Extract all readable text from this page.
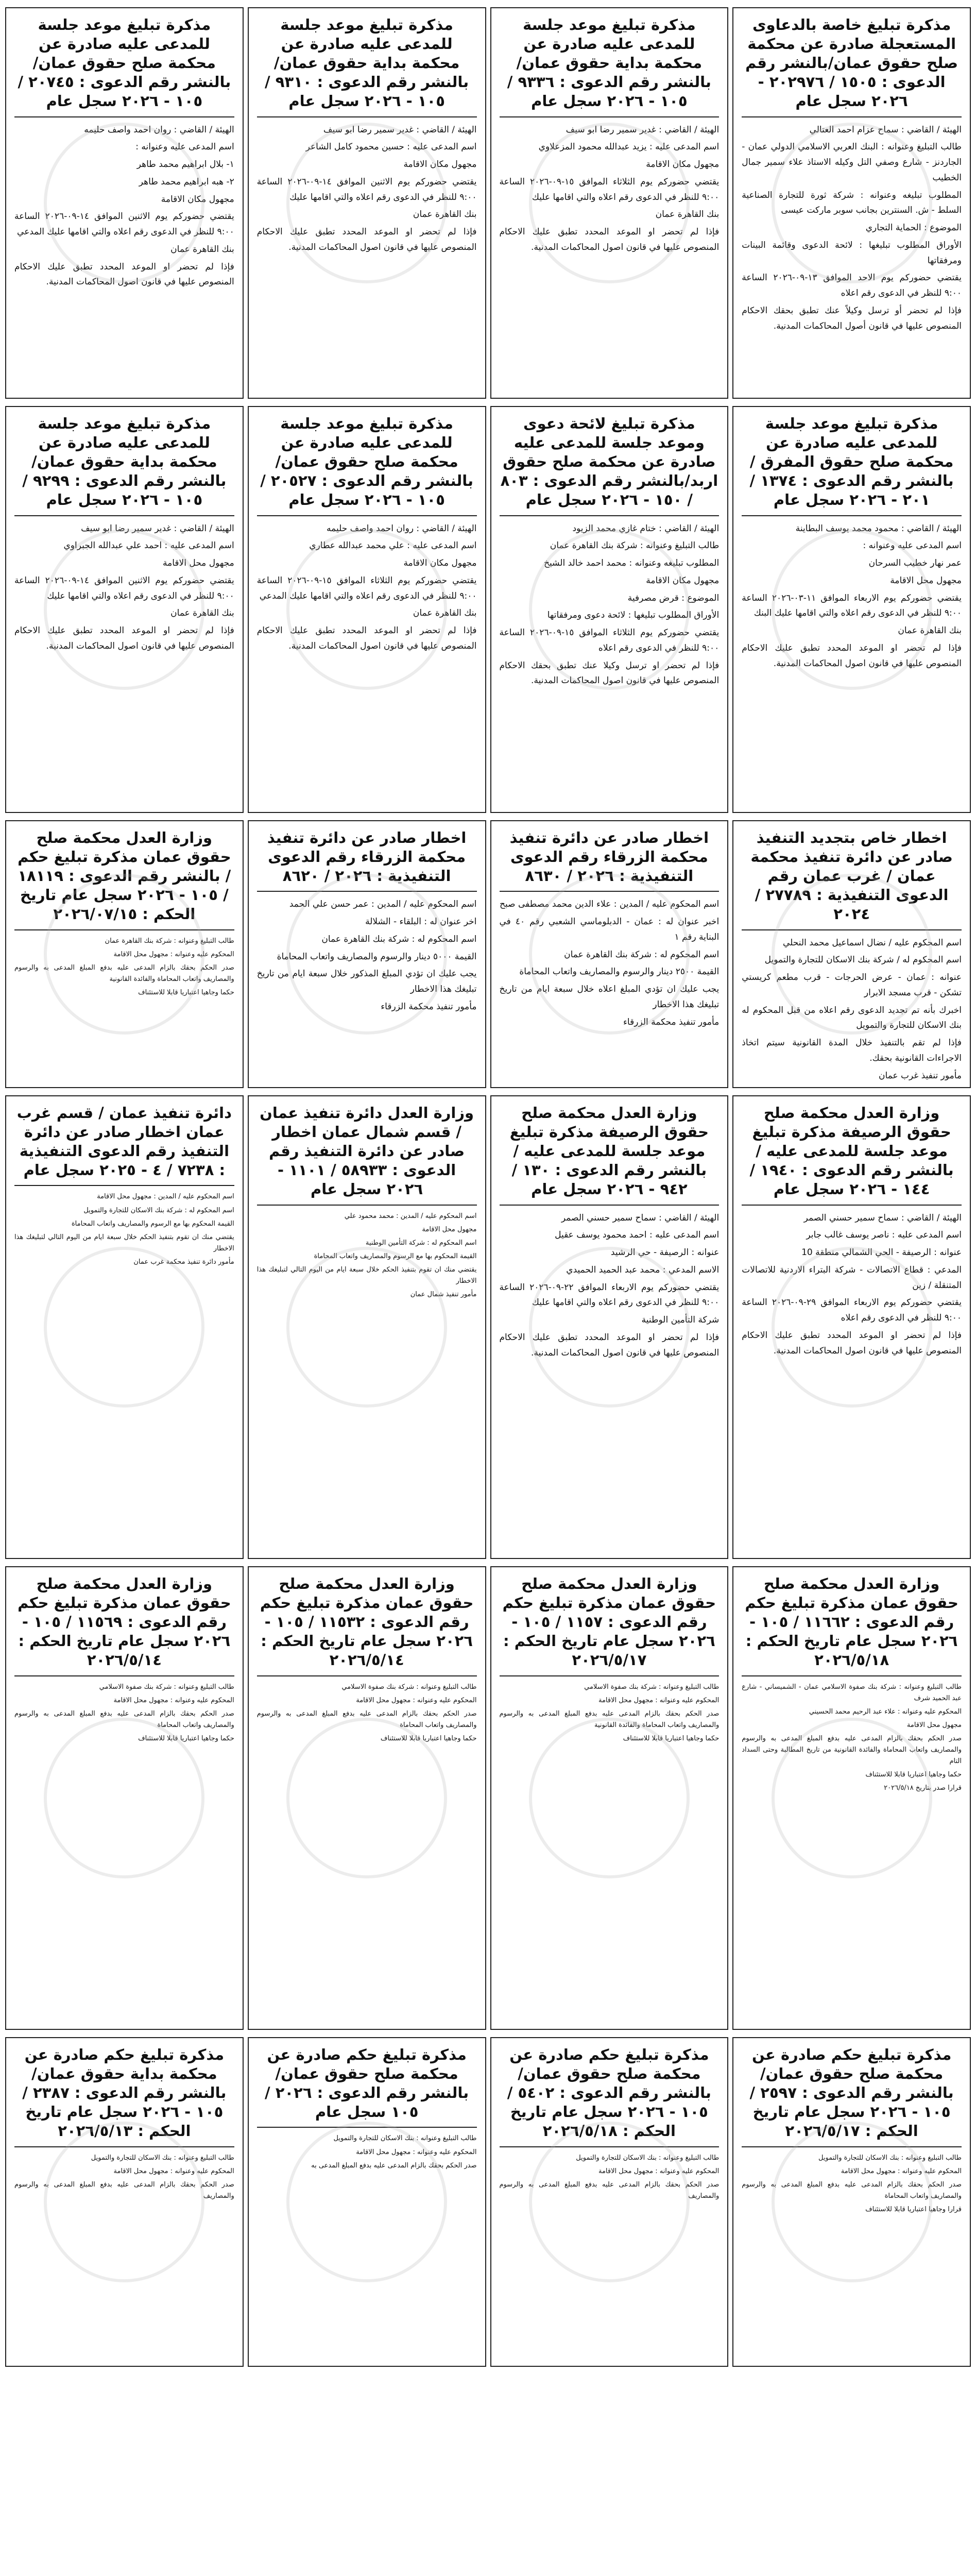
مذكرة تبليغ خاصة بالدعاوى المستعجلة صادرة عن محكمة صلح حقوق عمان/بالنشر رقم الدعوى : ١٥٠٥ / ٢٠٢٩٧٦ - ٢٠٢٦ سجل عام

الهيئة / القاضي : سماح عزام احمد العتالي

طالب التبليغ وعنوانه : البنك العربي الاسلامي الدولي عمان - الجاردنز - شارع وصفي التل وكيله الاستاذ علاء سمير جمال الخطيب

المطلوب تبليغه وعنوانه : شركة ثورة للتجارة الصناعية السلط - ش. السنترين بجانب سوبر ماركت عيسى

الموضوع : الحماية التجاري

الأوراق المطلوب تبليغها : لائحة الدعوى وقائمة البينات ومرفقاتها

يقتضي حضوركم يوم الاحد الموافق ١٣-٠٩-٢٠٢٦ الساعة ٩:٠٠ للنظر في الدعوى رقم اعلاه

فإذا لم تحضر أو ترسل وكيلاً عنك تطبق بحقك الاحكام المنصوص عليها في قانون أصول المحاكمات المدنية.

مذكرة تبليغ موعد جلسة للمدعى عليه صادرة عن محكمة صلح حقوق المفرق / بالنشر رقم الدعوى : ١٣٧٤ / ٢٠١ - ٢٠٢٦ سجل عام

الهيئة / القاضي : محمود محمد يوسف البطاينة

اسم المدعى عليه وعنوانه :

عمر نهار خطيب السرحان

مجهول محل الاقامة

يقتضي حضوركم يوم الاربعاء الموافق ١١-٠٣-٢٠٢٦ الساعة ٩:٠٠ للنظر في الدعوى رقم اعلاه والتي اقامها عليك البنك

بنك القاهرة عمان

فإذا لم تحضر او الموعد المحدد تطبق عليك الاحكام المنصوص عليها في قانون اصول المحاكمات المدنية.

اخطار خاص بتجديد التنفيذ صادر عن دائرة تنفيذ محكمة عمان / غرب عمان رقم الدعوى التنفيذية : ٢٧٧٨٩ / ٢٠٢٤

اسم المحكوم عليه / نضال اسماعيل محمد النحلي

اسم المحكوم له / شركة بنك الاسكان للتجارة والتمويل

عنوانه : عمان - عرض الحرجات - قرب مطعم كريستي تشكن - قرب مسجد الابرار

اخبرك بأنه تم تجديد الدعوى رقم اعلاه من قبل المحكوم له بنك الاسكان للتجارة والتمويل

فإذا لم تقم بالتنفيذ خلال المدة القانونية سيتم اتخاذ الاجراءات القانونية بحقك.

مأمور تنفيذ غرب عمان

وزارة العدل محكمة صلح حقوق الرصيفة مذكرة تبليغ موعد جلسة للمدعى عليه / بالنشر رقم الدعوى : ١٩٤٠ / ١٤٤ - ٢٠٢٦ سجل عام

الهيئة / القاضي : سماح سمير حسني الصمر

اسم المدعى عليه : ناصر يوسف غالب جابر

عنوانه : الرصيفة - الحي الشمالي منطقة 10

المدعي : قطاع الاتصالات - شركة البتراء الاردنية للاتصالات المتنقلة / زين

يقتضي حضوركم يوم الاربعاء الموافق ٢٩-٠٩-٢٠٢٦ الساعة ٩:٠٠ للنظر في الدعوى رقم اعلاه

فإذا لم تحضر او الموعد المحدد تطبق عليك الاحكام المنصوص عليها في قانون اصول المحاكمات المدنية.

وزارة العدل محكمة صلح حقوق عمان مذكرة تبليغ حكم رقم الدعوى : ١١٦٦٢ / ١٠٥ - ٢٠٢٦ سجل عام تاريخ الحكم : ٢٠٢٦/٥/١٨

طالب التبليغ وعنوانه : شركة بنك صفوة الاسلامي عمان - الشميساني - شارع عبد الحميد شرف

المحكوم عليه وعنوانه : علاء عبد الرحيم محمد الحسيني

مجهول محل الاقامة

صدر الحكم بحقك بالزام المدعى عليه بدفع المبلغ المدعى به والرسوم والمصاريف واتعاب المحاماة والفائدة القانونية من تاريخ المطالبة وحتى السداد التام

حكما وجاهيا اعتباريا قابلا للاستئناف

قرارا صدر بتاريخ ٢٠٢٦/٥/١٨

مذكرة تبليغ حكم صادرة عن محكمة صلح حقوق عمان/بالنشر رقم الدعوى : ٢٥٩٧ / ١٠٥ - ٢٠٢٦ سجل عام تاريخ الحكم : ٢٠٢٦/٥/١٧

طالب التبليغ وعنوانه : بنك الاسكان للتجارة والتمويل

المحكوم عليه وعنوانه : مجهول محل الاقامة

صدر الحكم بحقك بالزام المدعى عليه بدفع المبلغ المدعى به والرسوم والمصاريف واتعاب المحاماة

قرارا وجاهيا اعتباريا قابلا للاستئناف

مذكرة تبليغ موعد جلسة للمدعى عليه صادرة عن محكمة بداية حقوق عمان/بالنشر رقم الدعوى : ٩٣٣٦ / ١٠٥ - ٢٠٢٦ سجل عام

الهيئة / القاضي : غدير سمير رضا ابو سيف

اسم المدعى عليه : يزيد عبدالله محمود المزعلاوي

مجهول مكان الاقامة

يقتضي حضوركم يوم الثلاثاء الموافق ١٥-٠٩-٢٠٢٦ الساعة ٩:٠٠ للنظر في الدعوى رقم اعلاه والتي اقامها عليك

بنك القاهرة عمان

فإذا لم تحضر او الموعد المحدد تطبق عليك الاحكام المنصوص عليها في قانون اصول المحاكمات المدنية.

مذكرة تبليغ لائحة دعوى وموعد جلسة للمدعى عليه صادرة عن محكمة صلح حقوق اربد/بالنشر رقم الدعوى : ٨٠٣ / ١٥٠ - ٢٠٢٦ سجل عام

الهيئة / القاضي : ختام غازي محمد الزيود

طالب التبليغ وعنوانه : شركة بنك القاهرة عمان

المطلوب تبليغه وعنوانه : محمد احمد خالد الشيخ

مجهول مكان الاقامة

الموضوع : قرض مصرفية

الأوراق المطلوب تبليغها : لائحة دعوى ومرفقاتها

يقتضي حضوركم يوم الثلاثاء الموافق ١٥-٠٩-٢٠٢٦ الساعة ٩:٠٠ للنظر في الدعوى رقم اعلاه

فإذا لم تحضر او ترسل وكيلا عنك تطبق بحقك الاحكام المنصوص عليها في قانون اصول المحاكمات المدنية.

اخطار صادر عن دائرة تنفيذ محكمة الزرقاء رقم الدعوى التنفيذية : ٢٠٢٦ / ٨٦٣٠

اسم المحكوم عليه / المدين : علاء الدين محمد مصطفى صبح

اخبر عنوان له : عمان - الدبلوماسي الشعبي رقم ٤٠ في البناية رقم ١

اسم المحكوم له : شركة بنك القاهرة عمان

القيمة ٢٥٠٠ دينار والرسوم والمصاريف واتعاب المحاماة

يجب عليك ان تؤدي المبلغ اعلاه خلال سبعة ايام من تاريخ تبليغك هذا الاخطار

مأمور تنفيذ محكمة الزرقاء

وزارة العدل محكمة صلح حقوق الرصيفة مذكرة تبليغ موعد جلسة للمدعى عليه / بالنشر رقم الدعوى : ١٣٠ / ٩٤٢ - ٢٠٢٦ سجل عام

الهيئة / القاضي : سماح سمير حسني الصمر

اسم المدعى عليه : احمد محمود يوسف عقيل

عنوانه : الرصيفة - حي الرشيد

الاسم المدعي : محمد عبد الحميد الحميدي

يقتضي حضوركم يوم الاربعاء الموافق ٢٢-٠٩-٢٠٢٦ الساعة ٩:٠٠ للنظر في الدعوى رقم اعلاه والتي اقامها عليك

شركة التأمين الوطنية

فإذا لم تحضر او الموعد المحدد تطبق عليك الاحكام المنصوص عليها في قانون اصول المحاكمات المدنية.

وزارة العدل محكمة صلح حقوق عمان مذكرة تبليغ حكم رقم الدعوى : ١١٥٧ / ١٠٥ - ٢٠٢٦ سجل عام تاريخ الحكم : ٢٠٢٦/٥/١٧

طالب التبليغ وعنوانه : شركة بنك صفوة الاسلامي

المحكوم عليه وعنوانه : مجهول محل الاقامة

صدر الحكم بحقك بالزام المدعى عليه بدفع المبلغ المدعى به والرسوم والمصاريف واتعاب المحاماة والفائدة القانونية

حكما وجاهيا اعتباريا قابلا للاستئناف

مذكرة تبليغ حكم صادرة عن محكمة صلح حقوق عمان/بالنشر رقم الدعوى : ٥٤٠٢ / ١٠٥ - ٢٠٢٦ سجل عام تاريخ الحكم : ٢٠٢٦/٥/١٨

طالب التبليغ وعنوانه : بنك الاسكان للتجارة والتمويل

المحكوم عليه وعنوانه : مجهول محل الاقامة

صدر الحكم بحقك بالزام المدعى عليه بدفع المبلغ المدعى به والرسوم والمصاريف

مذكرة تبليغ موعد جلسة للمدعى عليه صادرة عن محكمة بداية حقوق عمان/بالنشر رقم الدعوى : ٩٣١٠ / ١٠٥ - ٢٠٢٦ سجل عام

الهيئة / القاضي : غدير سمير رضا ابو سيف

اسم المدعى عليه : حسين محمود كامل الشاعر

مجهول مكان الاقامة

يقتضي حضوركم يوم الاثنين الموافق ١٤-٠٩-٢٠٢٦ الساعة ٩:٠٠ للنظر في الدعوى رقم اعلاه والتي اقامها عليك

بنك القاهرة عمان

فإذا لم تحضر او الموعد المحدد تطبق عليك الاحكام المنصوص عليها في قانون اصول المحاكمات المدنية.

مذكرة تبليغ موعد جلسة للمدعى عليه صادرة عن محكمة صلح حقوق عمان/بالنشر رقم الدعوى : ٢٠٥٢٧ / ١٠٥ - ٢٠٢٦ سجل عام

الهيئة / القاضي : روان احمد واصف حليمه

اسم المدعى عليه : علي محمد عبدالله عطاري

مجهول مكان الاقامة

يقتضي حضوركم يوم الثلاثاء الموافق ١٥-٠٩-٢٠٢٦ الساعة ٩:٠٠ للنظر في الدعوى رقم اعلاه والتي اقامها عليك المدعي

بنك القاهرة عمان

فإذا لم تحضر او الموعد المحدد تطبق عليك الاحكام المنصوص عليها في قانون اصول المحاكمات المدنية.

اخطار صادر عن دائرة تنفيذ محكمة الزرقاء رقم الدعوى التنفيذية : ٢٠٢٦ / ٨٦٢٠

اسم المحكوم عليه / المدين : عمر حسن علي الحمد

اخر عنوان له : البلقاء - الشلالة

اسم المحكوم له : شركة بنك القاهرة عمان

القيمة ٥٠٠٠ دينار والرسوم والمصاريف واتعاب المحاماة

يجب عليك ان تؤدي المبلغ المذكور خلال سبعة ايام من تاريخ تبليغك هذا الاخطار

مأمور تنفيذ محكمة الزرقاء

وزارة العدل دائرة تنفيذ عمان / قسم شمال عمان اخطار صادر عن دائرة التنفيذ رقم الدعوى : ٥٨٩٣٣ / ١١٠١ - ٢٠٢٦ سجل عام

اسم المحكوم عليه / المدين : محمد محمود علي

مجهول محل الاقامة

اسم المحكوم له : شركة التأمين الوطنية

القيمة المحكوم بها مع الرسوم والمصاريف واتعاب المحاماة

يقتضي منك ان تقوم بتنفيذ الحكم خلال سبعة ايام من اليوم التالي لتبليغك هذا الاخطار

مأمور تنفيذ شمال عمان

وزارة العدل محكمة صلح حقوق عمان مذكرة تبليغ حكم رقم الدعوى : ١١٥٣٢ / ١٠٥ - ٢٠٢٦ سجل عام تاريخ الحكم : ٢٠٢٦/٥/١٤

طالب التبليغ وعنوانه : شركة بنك صفوة الاسلامي

المحكوم عليه وعنوانه : مجهول محل الاقامة

صدر الحكم بحقك بالزام المدعى عليه بدفع المبلغ المدعى به والرسوم والمصاريف واتعاب المحاماة

حكما وجاهيا اعتباريا قابلا للاستئناف

مذكرة تبليغ حكم صادرة عن محكمة صلح حقوق عمان/بالنشر رقم الدعوى : ٢٠٢٦ / ١٠٥ سجل عام

طالب التبليغ وعنوانه : بنك الاسكان للتجارة والتمويل

المحكوم عليه وعنوانه : مجهول محل الاقامة

صدر الحكم بحقك بالزام المدعى عليه بدفع المبلغ المدعى به

مذكرة تبليغ موعد جلسة للمدعى عليه صادرة عن محكمة صلح حقوق عمان/بالنشر رقم الدعوى : ٢٠٧٤٥ / ١٠٥ - ٢٠٢٦ سجل عام

الهيئة / القاضي : روان احمد واصف حليمه

اسم المدعى عليه وعنوانه :

١- بلال ابراهيم محمد طاهر

٢- هبه ابراهيم محمد طاهر

مجهول مكان الاقامة

يقتضي حضوركم يوم الاثنين الموافق ١٤-٠٩-٢٠٢٦ الساعة ٩:٠٠ للنظر في الدعوى رقم اعلاه والتي اقامها عليك المدعي

بنك القاهرة عمان

فإذا لم تحضر او الموعد المحدد تطبق عليك الاحكام المنصوص عليها في قانون اصول المحاكمات المدنية.

مذكرة تبليغ موعد جلسة للمدعى عليه صادرة عن محكمة بداية حقوق عمان/بالنشر رقم الدعوى : ٩٢٩٩ / ١٠٥ - ٢٠٢٦ سجل عام

الهيئة / القاضي : غدير سمير رضا ابو سيف

اسم المدعى عليه : احمد علي عبدالله الجبراوي

مجهول محل الاقامة

يقتضي حضوركم يوم الاثنين الموافق ١٤-٠٩-٢٠٢٦ الساعة ٩:٠٠ للنظر في الدعوى رقم اعلاه والتي اقامها عليك

بنك القاهرة عمان

فإذا لم تحضر او الموعد المحدد تطبق عليك الاحكام المنصوص عليها في قانون اصول المحاكمات المدنية.

وزارة العدل محكمة صلح حقوق عمان مذكرة تبليغ حكم / بالنشر رقم الدعوى : ١٨١١٩ / ١٠٥ - ٢٠٢٦ سجل عام تاريخ الحكم : ٢٠٢٦/٠٧/١٥

طالب التبليغ وعنوانه : شركة بنك القاهرة عمان

المحكوم عليه وعنوانه : مجهول محل الاقامة

صدر الحكم بحقك بالزام المدعى عليه بدفع المبلغ المدعى به والرسوم والمصاريف واتعاب المحاماة والفائدة القانونية

حكما وجاهيا اعتباريا قابلا للاستئناف

دائرة تنفيذ عمان / قسم غرب عمان اخطار صادر عن دائرة التنفيذ رقم الدعوى التنفيذية : ٧٢٣٨ / ٤ - ٢٠٢٥ سجل عام

اسم المحكوم عليه / المدين : مجهول محل الاقامة

اسم المحكوم له : شركة بنك الاسكان للتجارة والتمويل

القيمة المحكوم بها مع الرسوم والمصاريف واتعاب المحاماة

يقتضي منك ان تقوم بتنفيذ الحكم خلال سبعة ايام من اليوم التالي لتبليغك هذا الاخطار

مأمور دائرة تنفيذ محكمة غرب عمان

وزارة العدل محكمة صلح حقوق عمان مذكرة تبليغ حكم رقم الدعوى : ١١٥٦٩ / ١٠٥ - ٢٠٢٦ سجل عام تاريخ الحكم : ٢٠٢٦/٥/١٤

طالب التبليغ وعنوانه : شركة بنك صفوة الاسلامي

المحكوم عليه وعنوانه : مجهول محل الاقامة

صدر الحكم بحقك بالزام المدعى عليه بدفع المبلغ المدعى به والرسوم والمصاريف واتعاب المحاماة

حكما وجاهيا اعتباريا قابلا للاستئناف

مذكرة تبليغ حكم صادرة عن محكمة بداية حقوق عمان/بالنشر رقم الدعوى : ٢٣٨٧ / ١٠٥ - ٢٠٢٦ سجل عام تاريخ الحكم : ٢٠٢٦/٥/١٣

طالب التبليغ وعنوانه : بنك الاسكان للتجارة والتمويل

المحكوم عليه وعنوانه : مجهول محل الاقامة

صدر الحكم بحقك بالزام المدعى عليه بدفع المبلغ المدعى به والرسوم والمصاريف
